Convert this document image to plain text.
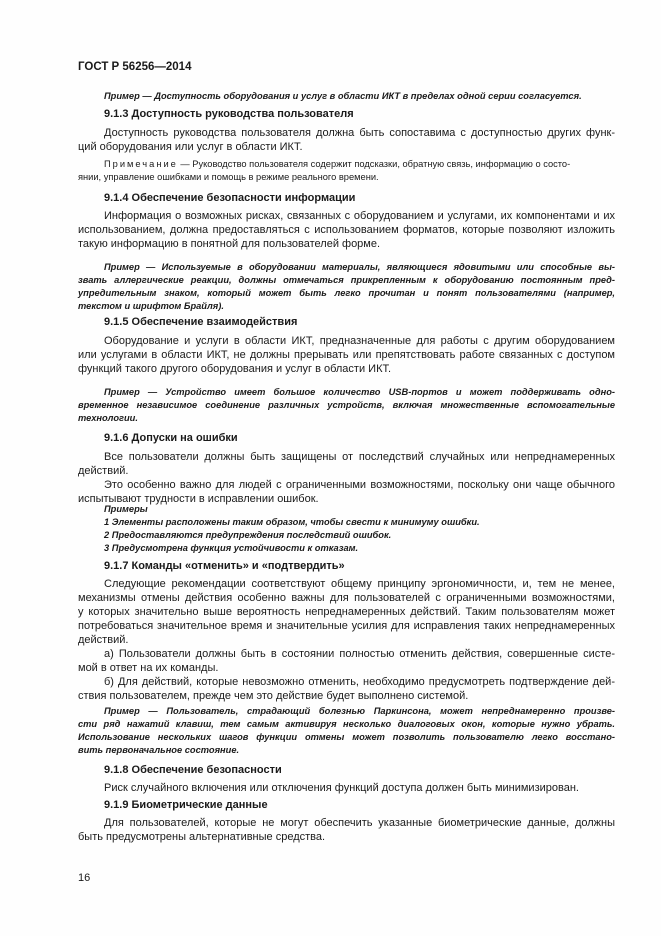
ГОСТ Р 56256—2014
Пример — Доступность оборудования и услуг в области ИКТ в пределах одной серии согласуется.
9.1.3 Доступность руководства пользователя
Доступность руководства пользователя должна быть сопоставима с доступностью других функ-
ций оборудования или услуг в области ИКТ.
Примечание — Руководство пользователя содержит подсказки, обратную связь, информацию о состо-
янии, управление ошибками и помощь в режиме реального времени.
9.1.4 Обеспечение безопасности информации
Информация о возможных рисках, связанных с оборудованием и услугами, их компонентами и их
использованием, должна предоставляться с использованием форматов, которые позволяют изложить
такую информацию в понятной для пользователей форме.
Пример — Используемые в оборудовании материалы, являющиеся ядовитыми или способные вы-
звать аллергические реакции, должны отмечаться прикрепленным к оборудованию постоянным пред-
упредительным знаком, который может быть легко прочитан и понят пользователями (например,
текстом и шрифтом Брайля).
9.1.5 Обеспечение взаимодействия
Оборудование и услуги в области ИКТ, предназначенные для работы с другим оборудованием
или услугами в области ИКТ, не должны прерывать или препятствовать работе связанных с доступом
функций такого другого оборудования и услуг в области ИКТ.
Пример — Устройство имеет большое количество USB-портов и может поддерживать одно-
временное независимое соединение различных устройств, включая множественные вспомогательные
технологии.
9.1.6 Допуски на ошибки
Все пользователи должны быть защищены от последствий случайных или непреднамеренных
действий.
Это особенно важно для людей с ограниченными возможностями, поскольку они чаще обычного
испытывают трудности в исправлении ошибок.
Примеры
1 Элементы расположены таким образом, чтобы свести к минимуму ошибки.
2 Предоставляются предупреждения последствий ошибок.
3 Предусмотрена функция устойчивости к отказам.
9.1.7 Команды «отменить» и «подтвердить»
Следующие рекомендации соответствуют общему принципу эргономичности, и, тем не менее,
механизмы отмены действия особенно важны для пользователей с ограниченными возможностями,
у которых значительно выше вероятность непреднамеренных действий. Таким пользователям может
потребоваться значительное время и значительные усилия для исправления таких непреднамеренных
действий.
а) Пользователи должны быть в состоянии полностью отменить действия, совершенные систе-
мой в ответ на их команды.
б) Для действий, которые невозможно отменить, необходимо предусмотреть подтверждение дей-
ствия пользователем, прежде чем это действие будет выполнено системой.
Пример — Пользователь, страдающий болезнью Паркинсона, может непреднамеренно произве-
сти ряд нажатий клавиш, тем самым активируя несколько диалоговых окон, которые нужно убрать.
Использование нескольких шагов функции отмены может позволить пользователю легко восстано-
вить первоначальное состояние.
9.1.8 Обеспечение безопасности
Риск случайного включения или отключения функций доступа должен быть минимизирован.
9.1.9 Биометрические данные
Для пользователей, которые не могут обеспечить указанные биометрические данные, должны
быть предусмотрены альтернативные средства.
16
